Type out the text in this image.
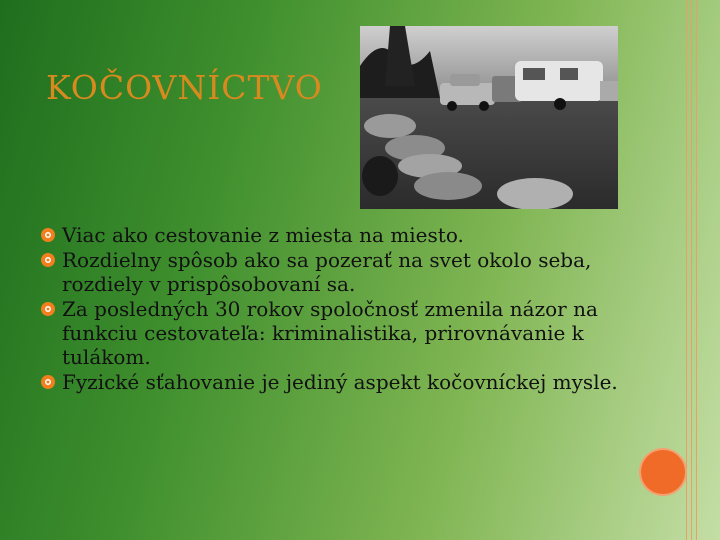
KOČOVNÍCTVO
Viac ako cestovanie z miesta na miesto.
Rozdielny spôsob ako sa pozerať na svet okolo seba, rozdiely v prispôsobovaní sa.
Za posledných 30 rokov spoločnosť zmenila názor na funkciu cestovateľa: kriminalistika, prirovnávanie k tulákom.
Fyzické sťahovanie je jediný aspekt kočovníckej mysle.
